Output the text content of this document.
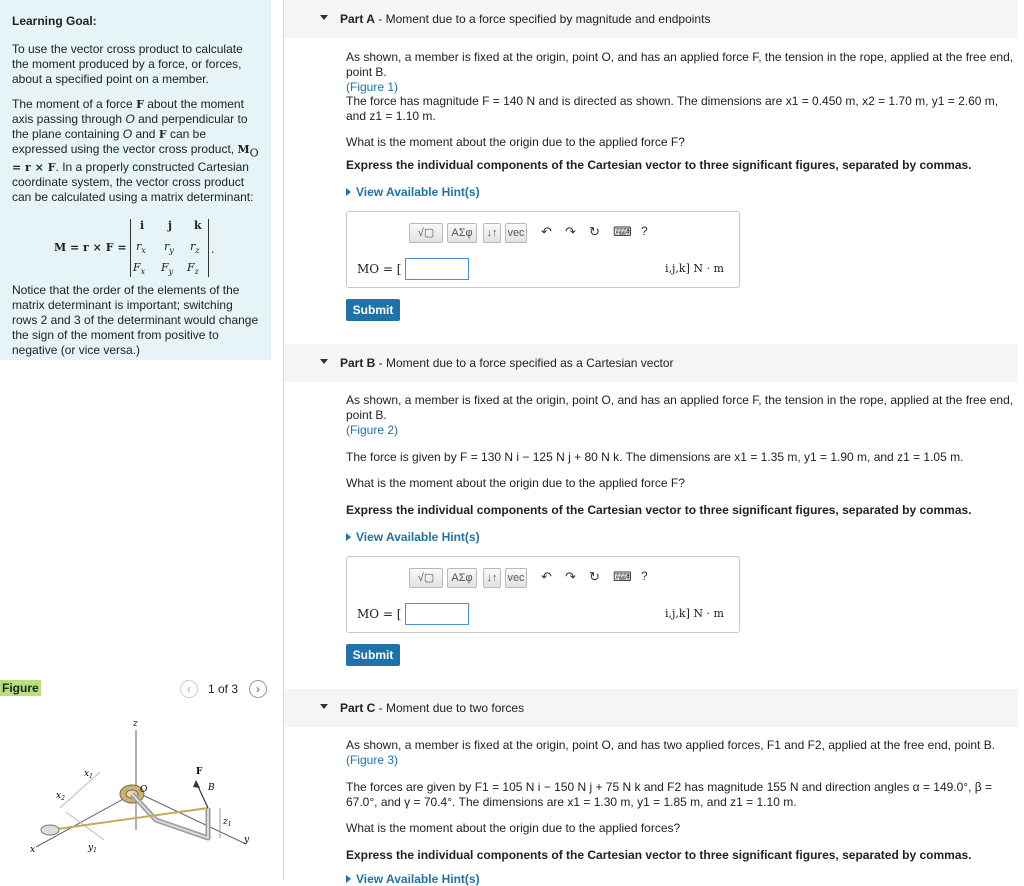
Learning Goal:

To use the vector cross product to calculate the moment produced by a force, or forces, about a specified point on a member.

The moment of a force F about the moment axis passing through O and perpendicular to the plane containing O and F can be expressed using the vector cross product, $M_O = r \times F$. In a properly constructed Cartesian coordinate system, the vector cross product can be calculated using a matrix determinant:

M = r × F =
i j k
$r_x$ $r_y$ $r_z$
$F_x$ $F_y$ $F_z$
.

Notice that the order of the elements of the matrix determinant is important; switching rows 2 and 3 of the determinant would change the sign of the moment from positive to negative (or vice versa.)

Figure	‹	1 of 3	›
z
$x_1$
$x_2$
x	$y_1$
y
O
F
B
$z_1$
Part A - Moment due to a force specified by magnitude and endpoints
As shown, a member is fixed at the origin, point O, and has an applied force F, the tension in the rope, applied at the free end, point B.
(Figure 1)
The force has magnitude F = 140 N and is directed as shown. The dimensions are x1 = 0.450 m, x2 = 1.70 m, y1 = 2.60 m, and z1 = 1.10 m.
What is the moment about the origin due to the applied force F?
Express the individual components of the Cartesian vector to three significant figures, separated by commas.
View Available Hint(s)
√▢	ΑΣφ	↓↑ vec ↶ ↷ ↻ ⌨ ?
MO = [	i,j,k] N · m
Submit
Part B - Moment due to a force specified as a Cartesian vector
As shown, a member is fixed at the origin, point O, and has an applied force F, the tension in the rope, applied at the free end, point B.
(Figure 2)
The force is given by F = 130 N i − 125 N j + 80 N k. The dimensions are x1 = 1.35 m, y1 = 1.90 m, and z1 = 1.05 m.
What is the moment about the origin due to the applied force F?
Express the individual components of the Cartesian vector to three significant figures, separated by commas.
View Available Hint(s)
√▢	ΑΣφ	↓↑ vec ↶ ↷ ↻ ⌨ ?
MO = [	i,j,k] N · m
Submit
Part C - Moment due to two forces
As shown, a member is fixed at the origin, point O, and has two applied forces, F1 and F2, applied at the free end, point B.
(Figure 3)
The forces are given by F1 = 105 N i − 150 N j + 75 N k and F2 has magnitude 155 N and direction angles α = 149.0°, β = 67.0°, and γ = 70.4°. The dimensions are x1 = 1.30 m, y1 = 1.85 m, and z1 = 1.10 m.
What is the moment about the origin due to the applied forces?
Express the individual components of the Cartesian vector to three significant figures, separated by commas.
View Available Hint(s)
